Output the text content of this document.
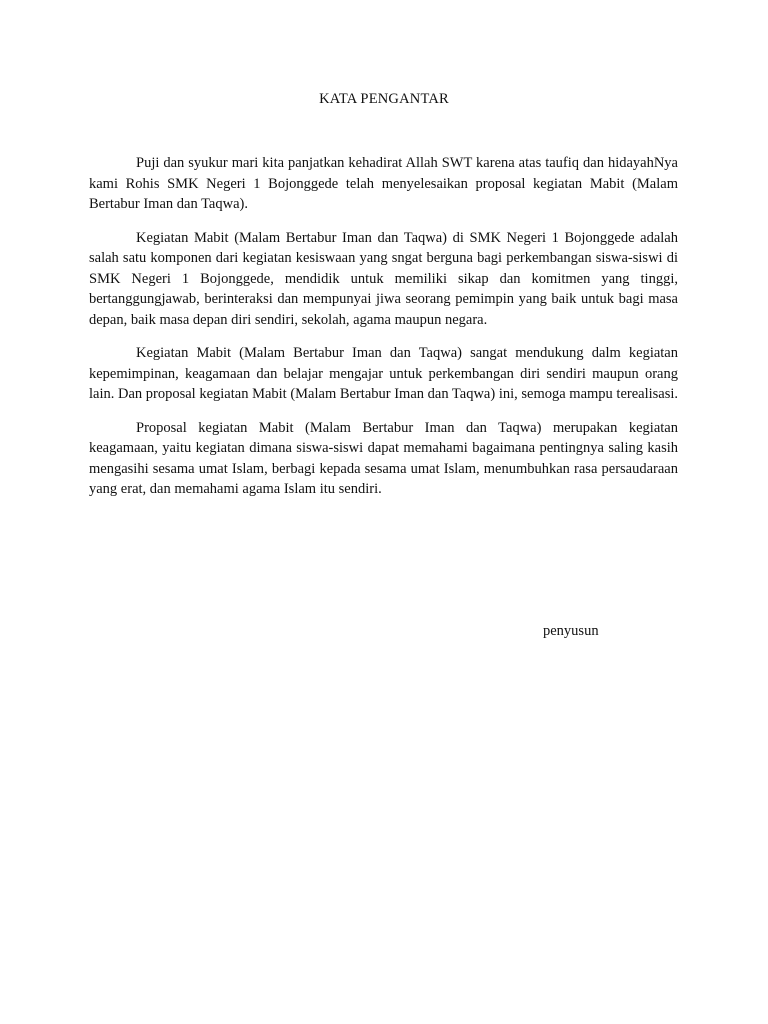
KATA PENGANTAR

Puji dan syukur mari kita panjatkan kehadirat Allah SWT karena atas taufiq dan hidayahNya kami Rohis SMK Negeri 1 Bojonggede telah menyelesaikan proposal kegiatan Mabit (Malam Bertabur Iman dan Taqwa).

Kegiatan Mabit (Malam Bertabur Iman dan Taqwa) di SMK Negeri 1 Bojonggede adalah salah satu komponen dari kegiatan kesiswaan yang sngat berguna bagi perkembangan siswa-siswi di SMK Negeri 1 Bojonggede, mendidik untuk memiliki sikap dan komitmen yang tinggi, bertanggungjawab, berinteraksi dan mempunyai jiwa seorang pemimpin yang baik untuk bagi masa depan, baik masa depan diri sendiri, sekolah, agama maupun negara.

Kegiatan Mabit (Malam Bertabur Iman dan Taqwa) sangat mendukung dalm kegiatan kepemimpinan, keagamaan dan belajar mengajar untuk perkembangan diri sendiri maupun orang lain. Dan proposal kegiatan Mabit (Malam Bertabur Iman dan Taqwa) ini, semoga mampu terealisasi.

Proposal kegiatan Mabit (Malam Bertabur Iman dan Taqwa) merupakan kegiatan keagamaan, yaitu kegiatan dimana siswa-siswi dapat memahami bagaimana pentingnya saling kasih mengasihi sesama umat Islam, berbagi kepada sesama umat Islam, menumbuhkan rasa persaudaraan yang erat, dan memahami agama Islam itu sendiri.

penyusun
